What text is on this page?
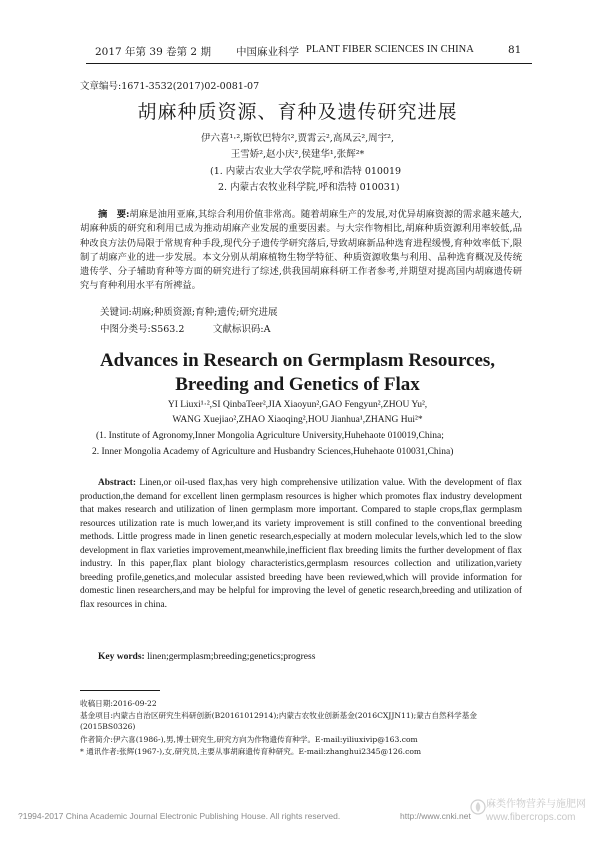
2017 年第 39 卷第 2 期 中国麻业科学 PLANT FIBER SCIENCES IN CHINA	81
文章编号:1671-3532(2017)02-0081-07
胡麻种质资源、育种及遗传研究进展
伊六喜¹·²,斯钦巴特尔²,贾霄云²,高凤云²,周宇²,
王雪娇²,赵小庆²,侯建华¹,张辉²*
(1. 内蒙古农业大学农学院,呼和浩特 010019
2. 内蒙古农牧业科学院,呼和浩特 010031)
摘　要:胡麻是油用亚麻,其综合利用价值非常高。随着胡麻生产的发展,对优异胡麻资源的需求越来越大,胡麻种质的研究和利用已成为推动胡麻产业发展的重要因素。与大宗作物相比,胡麻种质资源利用率较低,品种改良方法仍局限于常规育种手段,现代分子遗传学研究落后,导致胡麻新品种选育进程缓慢,育种效率低下,限制了胡麻产业的进一步发展。本文分别从胡麻植物生物学特征、种质资源收集与利用、品种选育概况及传统遗传学、分子辅助育种等方面的研究进行了综述,供我国胡麻科研工作者参考,并期望对提高国内胡麻遗传研究与育种利用水平有所裨益。
关键词:胡麻;种质资源;育种;遗传;研究进展
中图分类号:S563.2　　　文献标识码:A
Advances in Research on Germplasm Resources,
Breeding and Genetics of Flax
YI Liuxi¹·²,SI QinbaTeer²,JIA Xiaoyun²,GAO Fengyun²,ZHOU Yu²,
WANG Xuejiao²,ZHAO Xiaoqing²,HOU Jianhua¹,ZHANG Hui²*
(1. Institute of Agronomy,Inner Mongolia Agriculture University,Huhehaote 010019,China;
2. Inner Mongolia Academy of Agriculture and Husbandry Sciences,Huhehaote 010031,China)
Abstract: Linen,or oil-used flax,has very high comprehensive utilization value. With the development of flax production,the demand for excellent linen germplasm resources is higher which promotes flax industry development that makes research and utilization of linen germplasm more important. Compared to staple crops,flax germplasm resources utilization rate is much lower,and its variety improvement is still confined to the conventional breeding methods. Little progress made in linen genetic research,especially at modern molecular levels,which led to the slow development in flax varieties improvement,meanwhile,inefficient flax breeding limits the further development of flax industry. In this paper,flax plant biology characteristics,germplasm resources collection and utilization,variety breeding profile,genetics,and molecular assisted breeding have been reviewed,which will provide information for domestic linen researchers,and may be helpful for improving the level of genetic research,breeding and utilization of flax resources in china.
Key words: linen;germplasm;breeding;genetics;progress
收稿日期:2016-09-22
基金项目:内蒙古自治区研究生科研创新(B20161012914);内蒙古农牧业创新基金(2016CXJJN11);蒙古自然科学基金
(2015BS0326)
作者简介:伊六喜(1986-),男,博士研究生,研究方向为作物遗传育种学。E-mail:yiliuxivip@163.com
* 通讯作者:张辉(1967-),女,研究员,主要从事胡麻遗传育种研究。E-mail:zhanghui2345@126.com
?1994-2017 China Academic Journal Electronic Publishing House. All rights reserved.	http://www.cnki.net
麻类作物营养与施肥网
www.fibercrops.com
